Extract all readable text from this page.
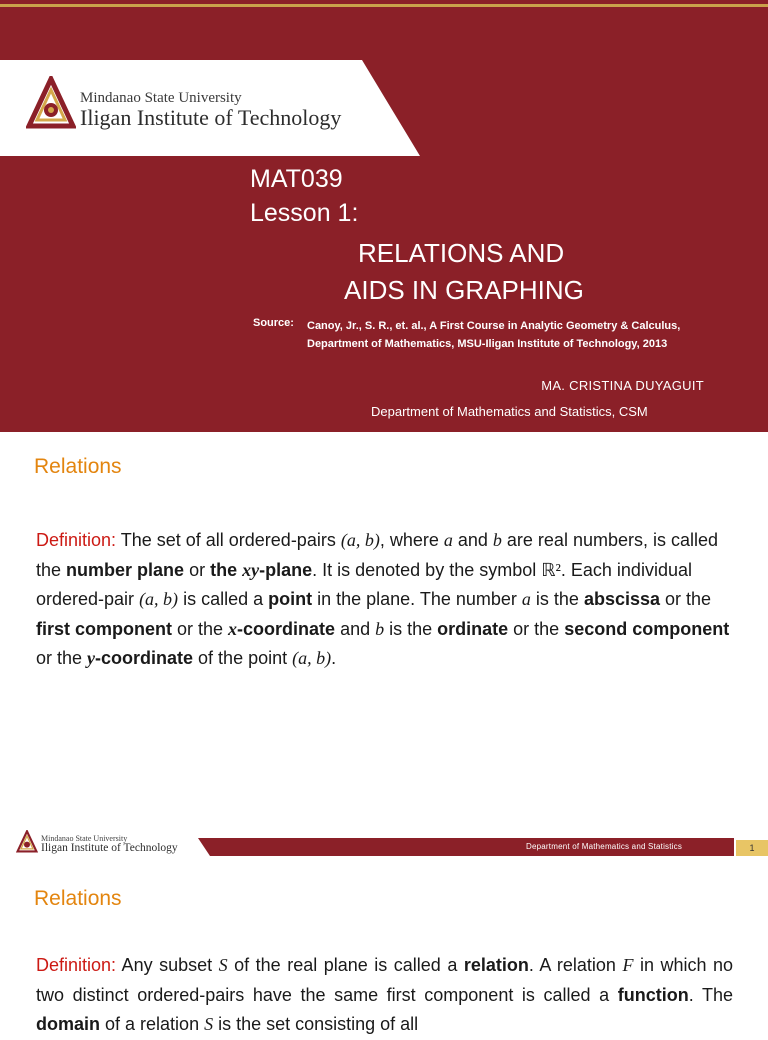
Mindanao State University
Iligan Institute of Technology
MAT039
Lesson 1:
RELATIONS AND
AIDS IN GRAPHING
Source: Canoy, Jr., S. R., et. al., A First Course in Analytic Geometry & Calculus, Department of Mathematics, MSU-Iligan Institute of Technology, 2013
MA. CRISTINA DUYAGUIT
Department of Mathematics and Statistics, CSM
Relations
Definition: The set of all ordered-pairs (a, b), where a and b are real numbers, is called the number plane or the xy-plane. It is denoted by the symbol ℝ². Each individual ordered-pair (a, b) is called a point in the plane. The number a is the abscissa or the first component or the x-coordinate and b is the ordinate or the second component or the y-coordinate of the point (a, b).
Mindanao State University
Iligan Institute of Technology	Department of Mathematics and Statistics	1
Relations
Definition: Any subset S of the real plane is called a relation. A relation F in which no two distinct ordered-pairs have the same first component is called a function. The domain of a relation S is the set consisting of all
